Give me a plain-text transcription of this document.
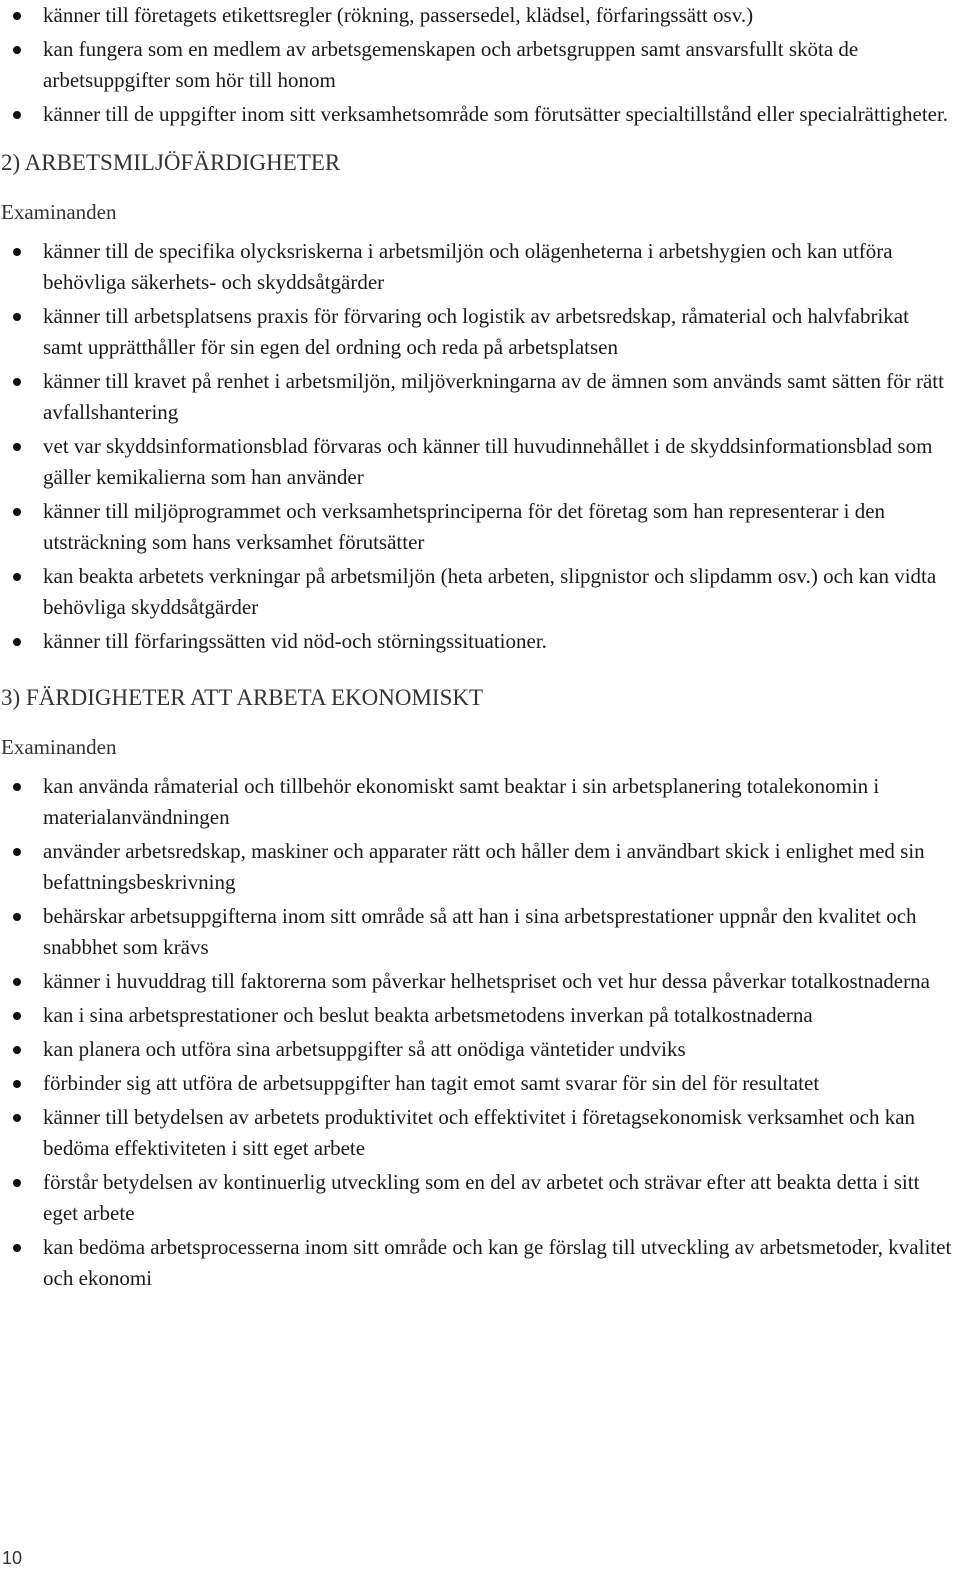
känner till företagets etikettsregler (rökning, passersedel, klädsel, förfaringssätt osv.)
kan fungera som en medlem av arbetsgemenskapen och arbetsgruppen samt ansvarsfullt sköta de arbetsuppgifter som hör till honom
känner till de uppgifter inom sitt verksamhetsområde som förutsätter specialtillstånd eller specialrättigheter.
2) ARBETSMILJÖFÄRDIGHETER
Examinanden
känner till de specifika olycksriskerna i arbetsmiljön och olägenheterna i arbetshygien och kan utföra behövliga säkerhets- och skyddsåtgärder
känner till arbetsplatsens praxis för förvaring och logistik av arbetsredskap, råmaterial och halvfabrikat samt upprätthåller för sin egen del ordning och reda på arbetsplatsen
känner till kravet på renhet i arbetsmiljön, miljöverkningarna av de ämnen som används samt sätten för rätt avfallshantering
vet var skyddsinformationsblad förvaras och känner till huvudinnehållet i de skyddsinformationsblad som gäller kemikalierna som han använder
känner till miljöprogrammet och verksamhetsprinciperna för det företag som han representerar i den utsträckning som hans verksamhet förutsätter
kan beakta arbetets verkningar på arbetsmiljön (heta arbeten, slipgnistor och slipdamm osv.) och kan vidta behövliga skyddsåtgärder
känner till förfaringssätten vid nöd-och störningssituationer.
3) FÄRDIGHETER ATT ARBETA EKONOMISKT
Examinanden
kan använda råmaterial och tillbehör ekonomiskt samt beaktar i sin arbetsplanering totalekonomin i materialanvändningen
använder arbetsredskap, maskiner och apparater rätt och håller dem i användbart skick i enlighet med sin befattningsbeskrivning
behärskar arbetsuppgifterna inom sitt område så att han i sina arbetsprestationer uppnår den kvalitet och snabbhet som krävs
känner i huvuddrag till faktorerna som påverkar helhetspriset och vet hur dessa påverkar totalkostnaderna
kan i sina arbetsprestationer och beslut beakta arbetsmetodens inverkan på totalkostnaderna
kan planera och utföra sina arbetsuppgifter så att onödiga väntetider undviks
förbinder sig att utföra de arbetsuppgifter han tagit emot samt svarar för sin del för resultatet
känner till betydelsen av arbetets produktivitet och effektivitet i företagsekonomisk verksamhet och kan bedöma effektiviteten i sitt eget arbete
förstår betydelsen av kontinuerlig utveckling som en del av arbetet och strävar efter att beakta detta i sitt eget arbete
kan bedöma arbetsprocesserna inom sitt område och kan ge förslag till utveckling av arbetsmetoder, kvalitet och ekonomi
10
